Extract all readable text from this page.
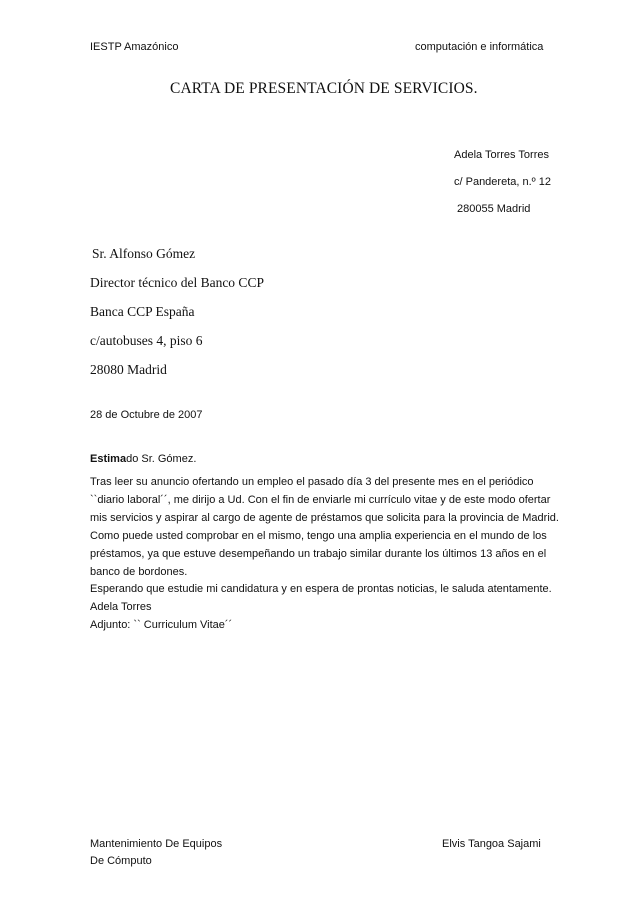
IESTP Amazónico	computación e informática
CARTA DE PRESENTACIÓN DE SERVICIOS.
Adela Torres Torres
c/ Pandereta, n.º 12
280055 Madrid
Sr. Alfonso Gómez
Director técnico del Banco CCP
Banca CCP España
c/autobuses 4, piso 6
28080 Madrid
28 de Octubre de 2007
Estimado Sr. Gómez.
Tras leer su anuncio ofertando un empleo el pasado día 3 del presente mes en el periódico
``diario laboral´´, me dirijo a Ud. Con el fin de enviarle mi currículo vitae y de este modo ofertar
mis servicios y aspirar al cargo de agente de préstamos que solicita para la provincia de Madrid.
Como puede usted comprobar en el mismo, tengo una amplia experiencia en el mundo de los
préstamos, ya que estuve desempeñando un trabajo similar durante los últimos 13 años en el
banco de bordones.
Esperando que estudie mi candidatura y en espera de prontas noticias, le saluda atentamente.
Adela Torres
Adjunto: `` Curriculum Vitae´´
Mantenimiento De Equipos
De Cómputo
Elvis Tangoa Sajami
